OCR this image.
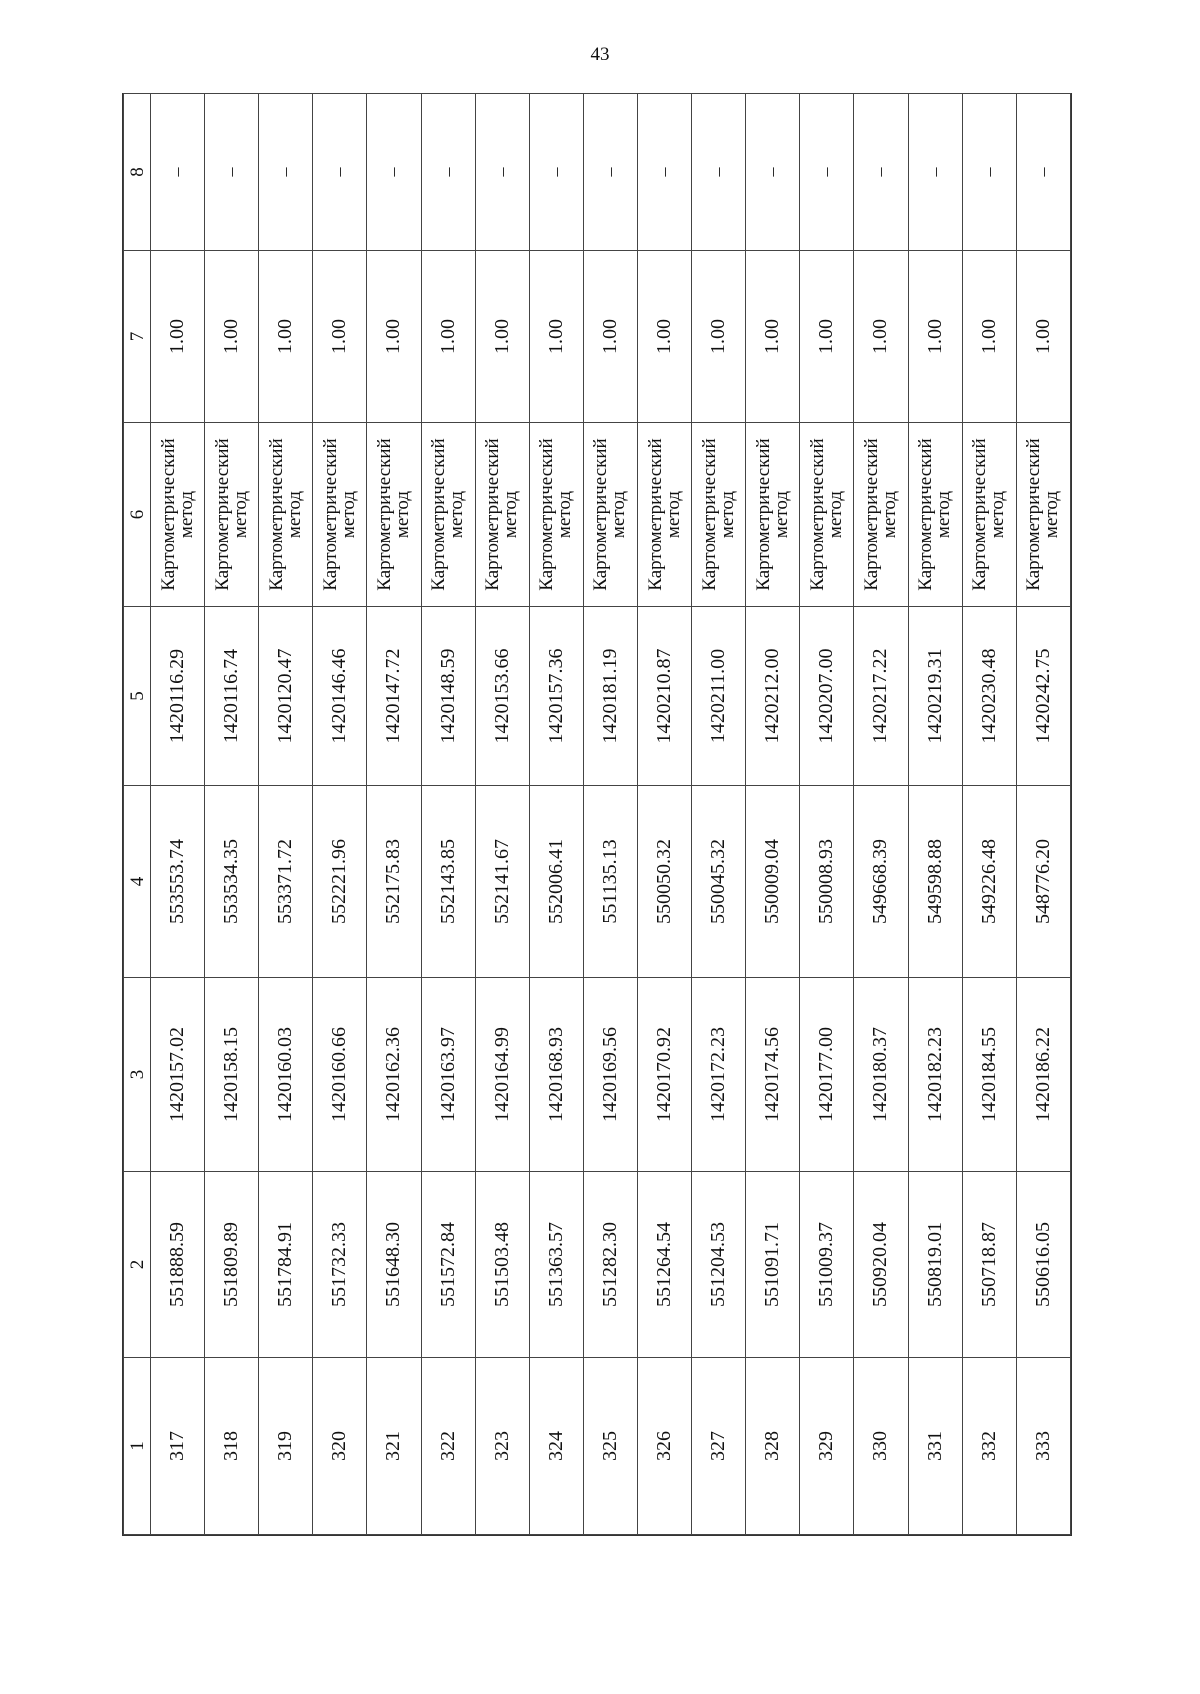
43
1	2	3	4	5	6	7	8
317	551888.59	1420157.02	553553.74	1420116.29	Картометрический метод	1.00	–
318	551809.89	1420158.15	553534.35	1420116.74	Картометрический метод	1.00	–
319	551784.91	1420160.03	553371.72	1420120.47	Картометрический метод	1.00	–
320	551732.33	1420160.66	552221.96	1420146.46	Картометрический метод	1.00	–
321	551648.30	1420162.36	552175.83	1420147.72	Картометрический метод	1.00	–
322	551572.84	1420163.97	552143.85	1420148.59	Картометрический метод	1.00	–
323	551503.48	1420164.99	552141.67	1420153.66	Картометрический метод	1.00	–
324	551363.57	1420168.93	552006.41	1420157.36	Картометрический метод	1.00	–
325	551282.30	1420169.56	551135.13	1420181.19	Картометрический метод	1.00	–
326	551264.54	1420170.92	550050.32	1420210.87	Картометрический метод	1.00	–
327	551204.53	1420172.23	550045.32	1420211.00	Картометрический метод	1.00	–
328	551091.71	1420174.56	550009.04	1420212.00	Картометрический метод	1.00	–
329	551009.37	1420177.00	550008.93	1420207.00	Картометрический метод	1.00	–
330	550920.04	1420180.37	549668.39	1420217.22	Картометрический метод	1.00	–
331	550819.01	1420182.23	549598.88	1420219.31	Картометрический метод	1.00	–
332	550718.87	1420184.55	549226.48	1420230.48	Картометрический метод	1.00	–
333	550616.05	1420186.22	548776.20	1420242.75	Картометрический метод	1.00	–
